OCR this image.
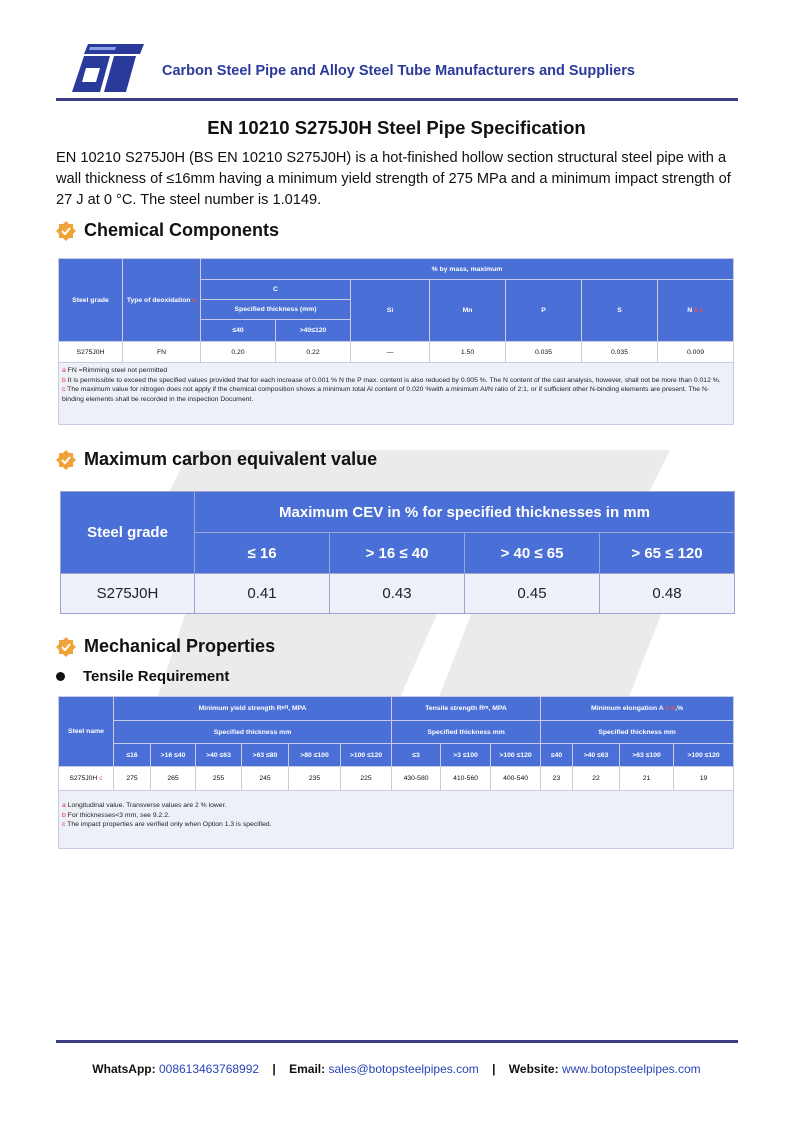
Carbon Steel Pipe and Alloy Steel Tube Manufacturers and Suppliers
EN 10210 S275J0H Steel Pipe Specification
EN 10210 S275J0H (BS EN 10210 S275J0H) is a hot-finished hollow section structural steel pipe with a wall thickness of ≤16mm having a minimum yield strength of 275 MPa and a minimum impact strength of 27 J at 0 °C. The steel number is 1.0149.
Chemical Components
Steel grade	Type of deoxidation a	% by mass, maximum						
		C		Si	Mn	P	S	N b c
		Specified thickness (mm)						
		≤40	>40≤120					
S275J0H	FN	0.20	0.22	—	1.50	0.035	0.035	0.009

a FN =Rimming steel not permitted
b It is permissible to exceed the specified values provided that for each increase of 0.001 % N the P max. content is also reduced by 0.005 %. The N content of the cast analysis, however, shall not be more than 0.012 %.
c The maximum value for nitrogen does not apply if the chemical composition shows a minimum total Al content of 0.020 %with a minimum Al/N ratio of 2:1, or if sufficient other N-binding elements are present. The N-binding elements shall be recorded in the inspection Document.								
Maximum carbon equivalent value
Steel grade	Maximum CEV in % for specified thicknesses in mm			
	≤ 16	> 16 ≤ 40	> 40 ≤ 65	> 65 ≤ 120
S275J0H	0.41	0.43	0.45	0.48
Mechanical Properties
Tensile Requirement
Steel name	Minimum yield strength $R^{eH}$, MPA						Tensile strength $R^m$, MPA			Minimum elongation A a b,%			
	Specified thickness mm						Specified thickness mm			Specified thickness mm			
	≤16	>16 ≤40	>40 ≤63	>63 ≤80	>80 ≤100	>100 ≤120	≤3	>3 ≤100	>100 ≤120	≤40	>40 ≤63	>63 ≤100	>100 ≤120
S275J0H c	275	265	255	245	235	225	430-580	410-560	400-540	23	22	21	19

a Longitudinal value. Transverse values are 2 % lower.
b For thicknesses<3 mm, see 9.2.2.
c The impact properties are verified only when Option 1.3 is specified.													
WhatsApp: 008613463768992 | Email: sales@botopsteelpipes.com | Website: www.botopsteelpipes.com
